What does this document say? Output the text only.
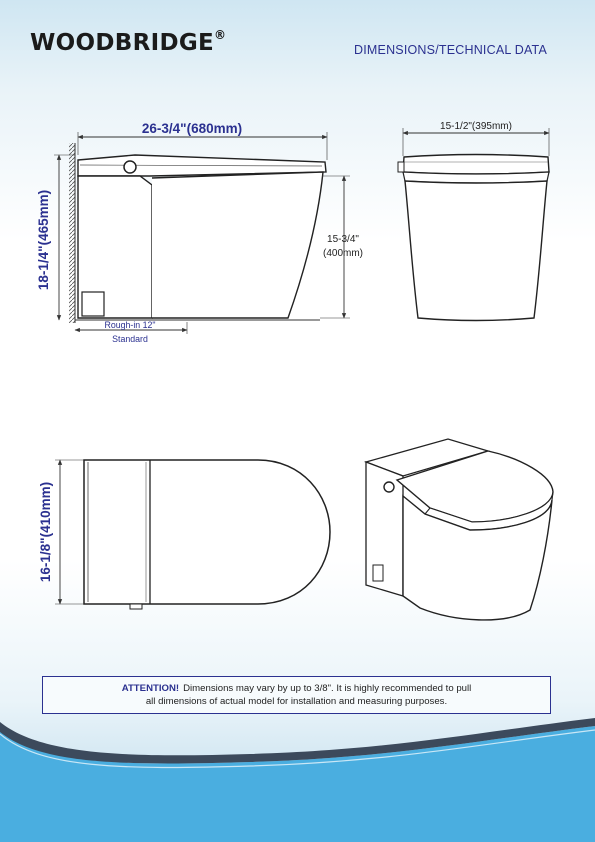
WOODBRIDGE®
DIMENSIONS/TECHNICAL DATA
26-3/4"(680mm)
18-1/4"(465mm)	15-3/4"
(400mm)
Rough-in 12"
Standard
15-1/2"(395mm)
16-1/8"(410mm)
ATTENTION! Dimensions may vary by up to 3/8". It is highly recommended to pull
all dimensions of actual model for installation and measuring purposes.
